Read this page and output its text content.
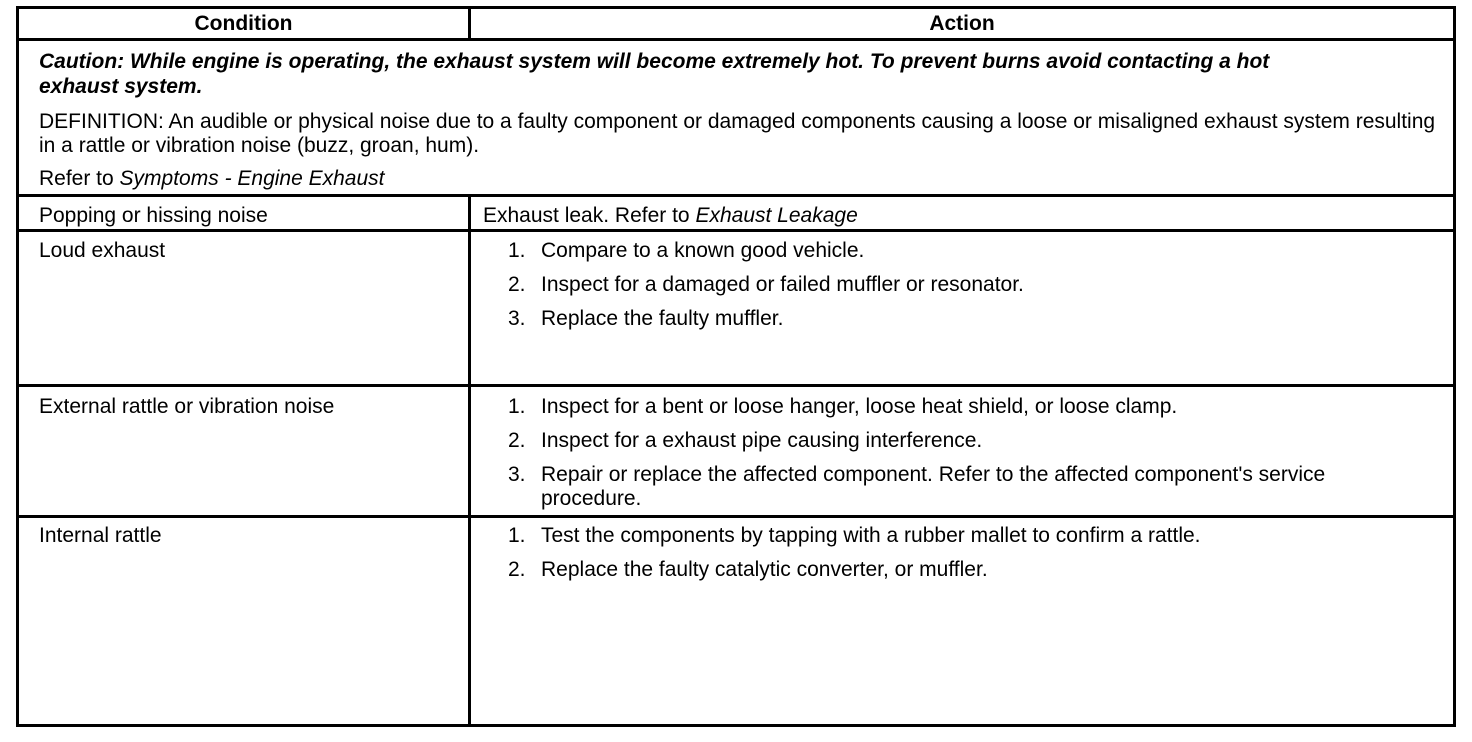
Condition	Action
Caution: While engine is operating, the exhaust system will become extremely hot. To prevent burns avoid contacting a hot exhaust system.
DEFINITION: An audible or physical noise due to a faulty component or damaged components causing a loose or misaligned exhaust system resulting in a rattle or vibration noise (buzz, groan, hum).
Refer to Symptoms - Engine Exhaust
Popping or hissing noise	Exhaust leak. Refer to Exhaust Leakage
Loud exhaust	1. Compare to a known good vehicle.
2. Inspect for a damaged or failed muffler or resonator.
3. Replace the faulty muffler.
External rattle or vibration noise	1. Inspect for a bent or loose hanger, loose heat shield, or loose clamp.
2. Inspect for a exhaust pipe causing interference.
3. Repair or replace the affected component. Refer to the affected component's service procedure.
Internal rattle	1. Test the components by tapping with a rubber mallet to confirm a rattle.
2. Replace the faulty catalytic converter, or muffler.
